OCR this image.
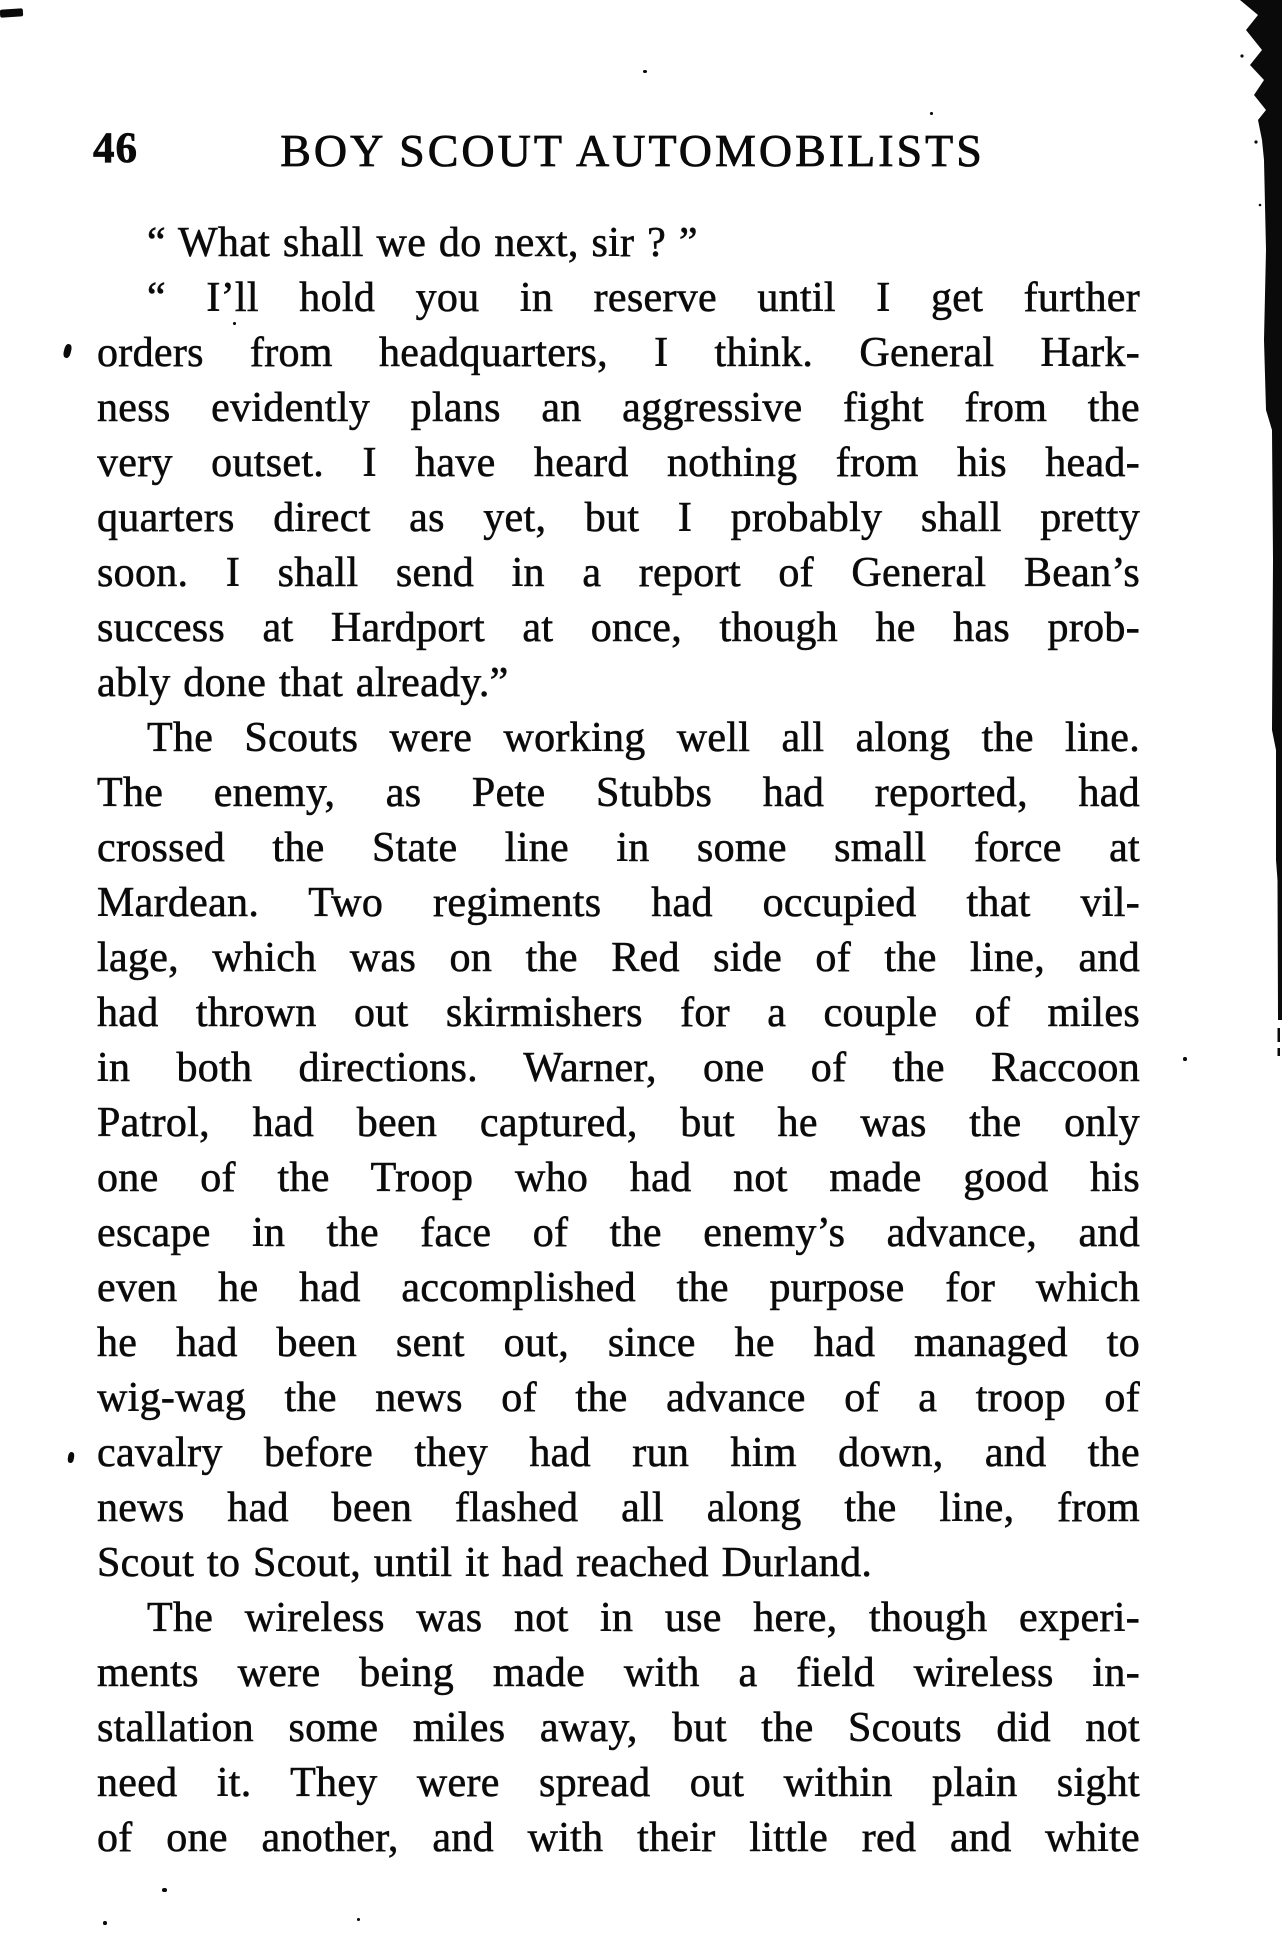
46	BOY SCOUT AUTOMOBILISTS
“ What shall we do next, sir ? ”
“ I’ll hold you in reserve until I get further
orders from headquarters, I think. General Hark-
ness evidently plans an aggressive fight from the
very outset. I have heard nothing from his head-
quarters direct as yet, but I probably shall pretty
soon. I shall send in a report of General Bean’s
success at Hardport at once, though he has prob-
ably done that already.”
The Scouts were working well all along the line.
The enemy, as Pete Stubbs had reported, had
crossed the State line in some small force at
Mardean. Two regiments had occupied that vil-
lage, which was on the Red side of the line, and
had thrown out skirmishers for a couple of miles
in both directions. Warner, one of the Raccoon
Patrol, had been captured, but he was the only
one of the Troop who had not made good his
escape in the face of the enemy’s advance, and
even he had accomplished the purpose for which
he had been sent out, since he had managed to
wig-wag the news of the advance of a troop of
cavalry before they had run him down, and the
news had been flashed all along the line, from
Scout to Scout, until it had reached Durland.
The wireless was not in use here, though experi-
ments were being made with a field wireless in-
stallation some miles away, but the Scouts did not
need it. They were spread out within plain sight
of one another, and with their little red and white
